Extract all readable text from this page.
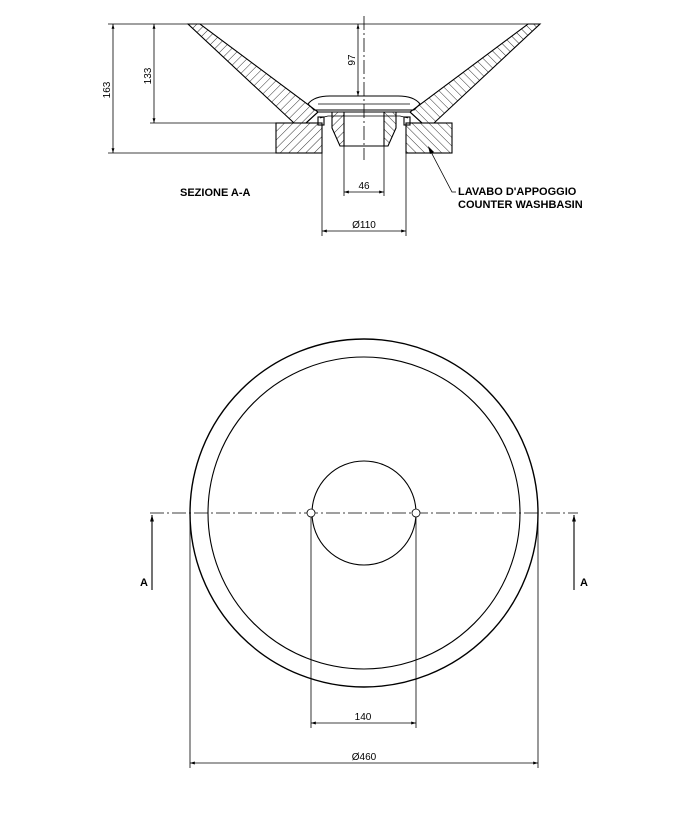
163
133
97
46
Ø110
SEZIONE A-A	LAVABO D'APPOGGIO
COUNTER WASHBASIN
A	A
140
Ø460
